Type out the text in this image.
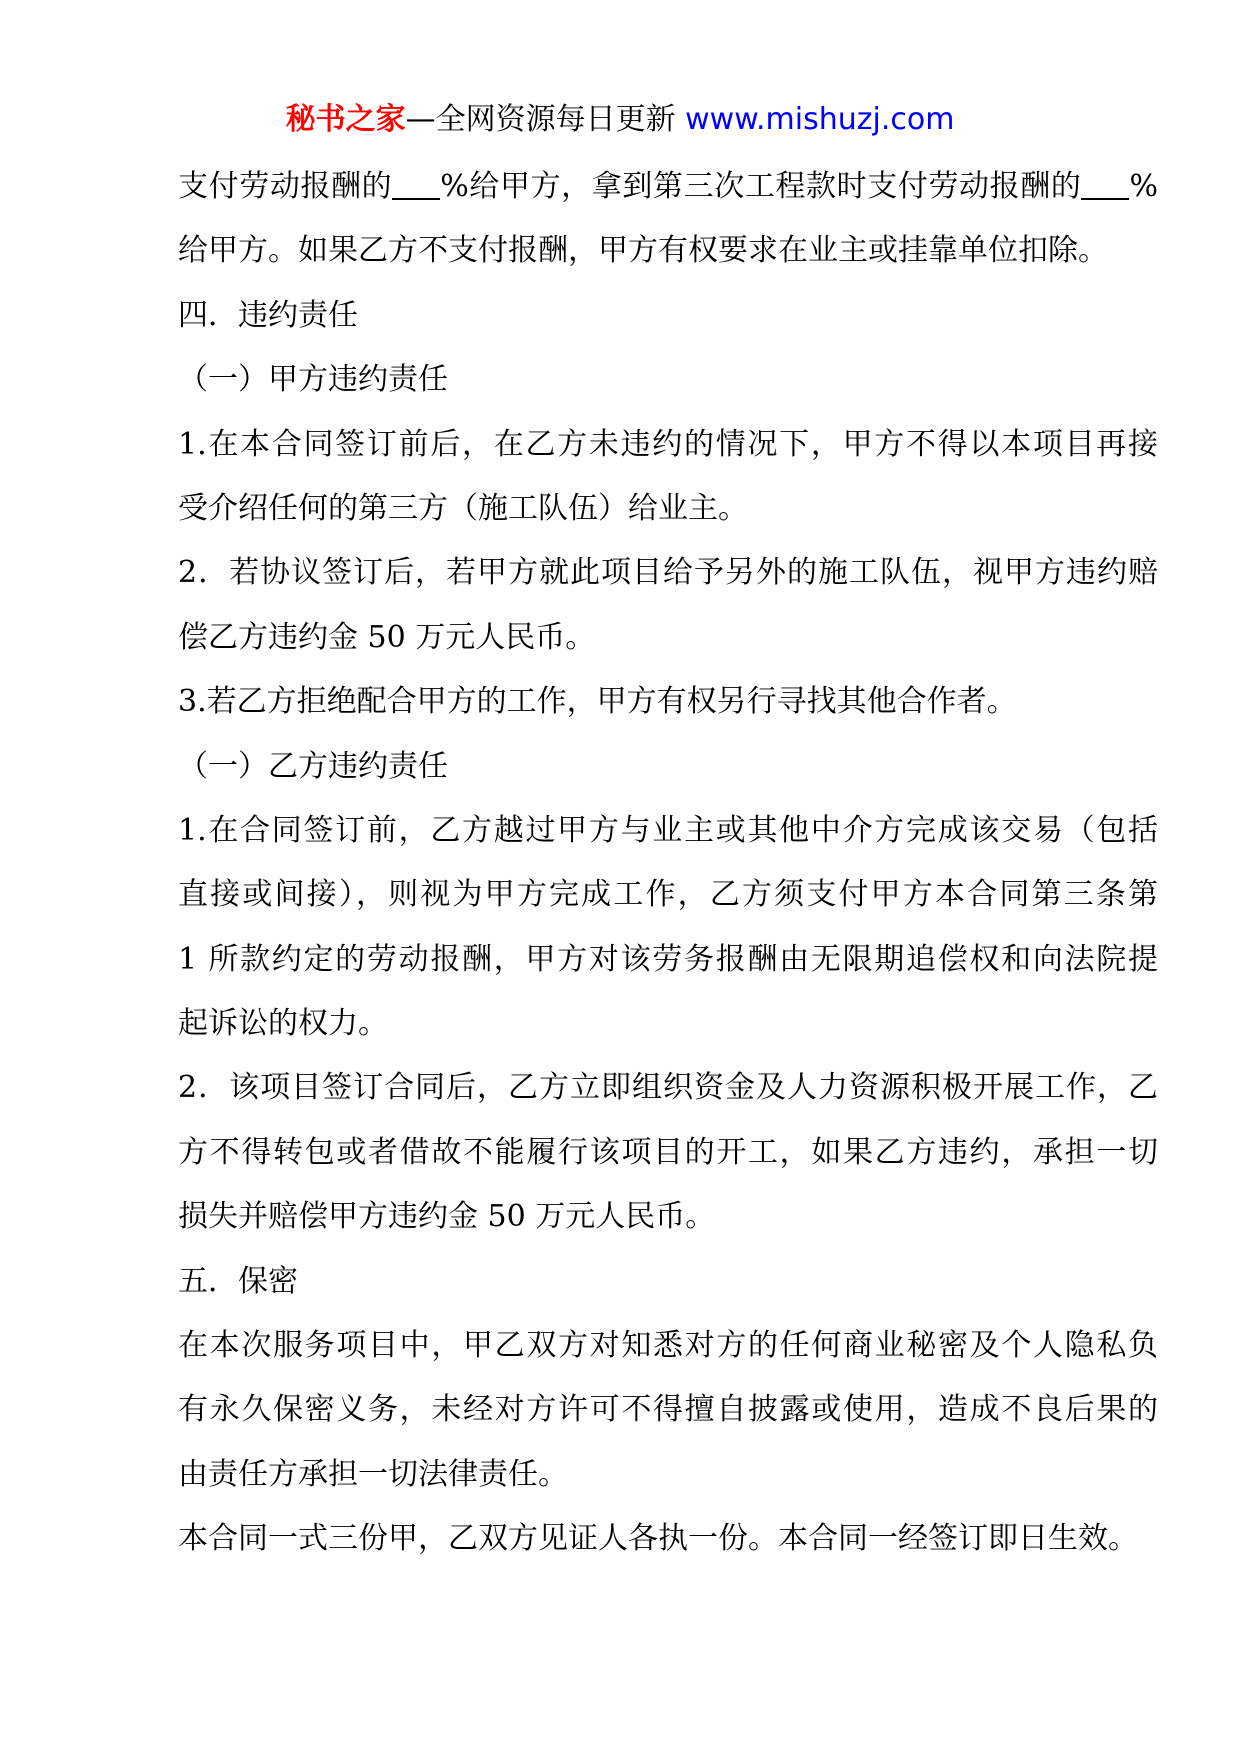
秘书之家—全网资源每日更新 www.mishuzj.com
支付劳动报酬的 %给甲方，拿到第三次工程款时支付劳动报酬的 %
给甲方。如果乙方不支付报酬，甲方有权要求在业主或挂靠单位扣除。
四．违约责任
（一）甲方违约责任
1.在本合同签订前后，在乙方未违约的情况下，甲方不得以本项目再接
受介绍任何的第三方（施工队伍）给业主。
2．若协议签订后，若甲方就此项目给予另外的施工队伍，视甲方违约赔
偿乙方违约金 50 万元人民币。
3.若乙方拒绝配合甲方的工作，甲方有权另行寻找其他合作者。
（一）乙方违约责任
1.在合同签订前，乙方越过甲方与业主或其他中介方完成该交易（包括
直接或间接），则视为甲方完成工作，乙方须支付甲方本合同第三条第
1 所款约定的劳动报酬，甲方对该劳务报酬由无限期追偿权和向法院提
起诉讼的权力。
2．该项目签订合同后，乙方立即组织资金及人力资源积极开展工作，乙
方不得转包或者借故不能履行该项目的开工，如果乙方违约，承担一切
损失并赔偿甲方违约金 50 万元人民币。
五．保密
在本次服务项目中，甲乙双方对知悉对方的任何商业秘密及个人隐私负
有永久保密义务，未经对方许可不得擅自披露或使用，造成不良后果的
由责任方承担一切法律责任。
本合同一式三份甲，乙双方见证人各执一份。本合同一经签订即日生效。
